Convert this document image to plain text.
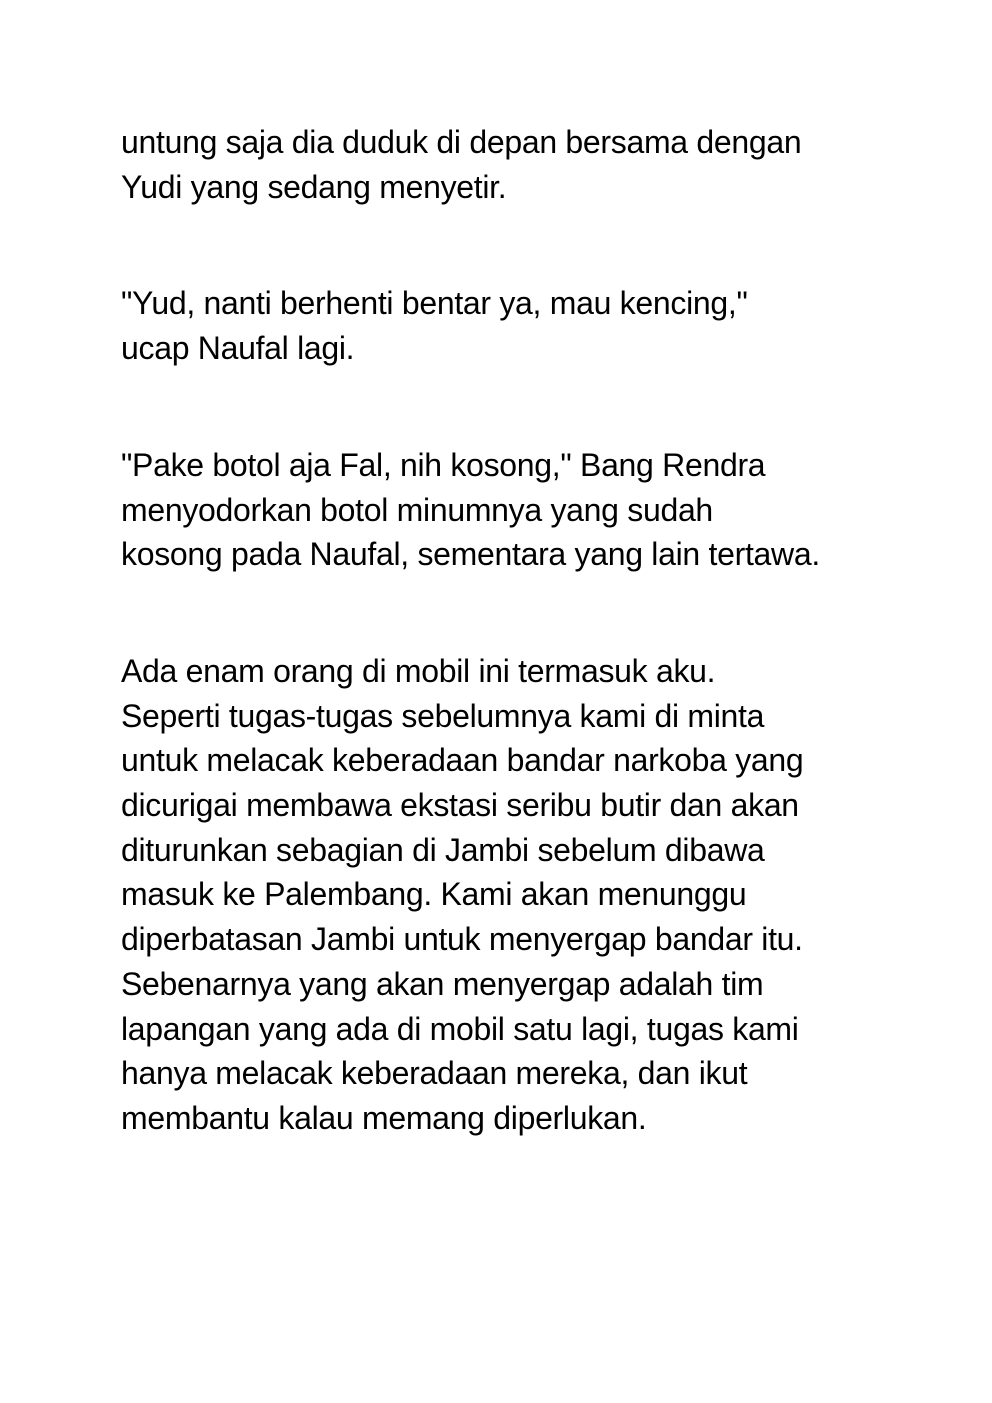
untung saja dia duduk di depan bersama dengan
Yudi yang sedang menyetir.

"Yud, nanti berhenti bentar ya, mau kencing,"
ucap Naufal lagi.

"Pake botol aja Fal, nih kosong," Bang Rendra
menyodorkan botol minumnya yang sudah
kosong pada Naufal, sementara yang lain tertawa.

Ada enam orang di mobil ini termasuk aku.
Seperti tugas-tugas sebelumnya kami di minta
untuk melacak keberadaan bandar narkoba yang
dicurigai membawa ekstasi seribu butir dan akan
diturunkan sebagian di Jambi sebelum dibawa
masuk ke Palembang. Kami akan menunggu
diperbatasan Jambi untuk menyergap bandar itu.
Sebenarnya yang akan menyergap adalah tim
lapangan yang ada di mobil satu lagi, tugas kami
hanya melacak keberadaan mereka, dan ikut
membantu kalau memang diperlukan.
